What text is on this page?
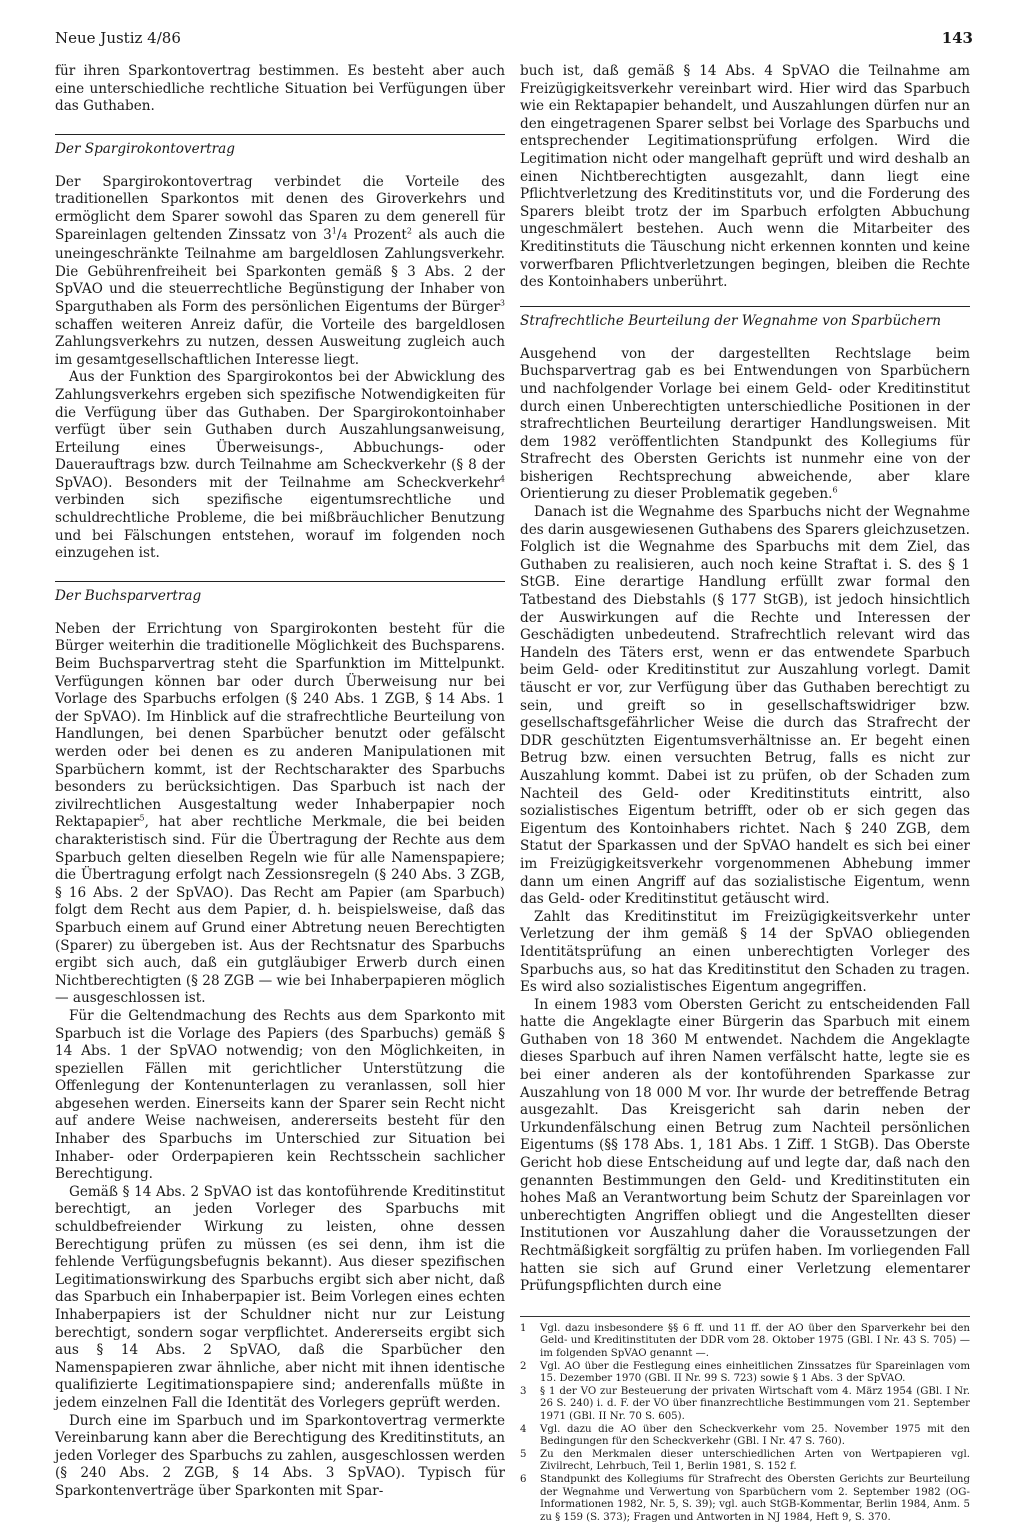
Neue Justiz 4/86	143

für ihren Sparkontovertrag bestimmen. Es besteht aber auch eine unterschiedliche rechtliche Situation bei Verfügungen über das Guthaben.

Der Spargirokontovertrag

Der Spargirokontovertrag verbindet die Vorteile des traditionellen Sparkontos mit denen des Giroverkehrs und ermöglicht dem Sparer sowohl das Sparen zu dem generell für Spareinlagen geltenden Zinssatz von $3^1/4$ Prozent$^2$ als auch die uneingeschränkte Teilnahme am bargeldlosen Zahlungsverkehr. Die Gebührenfreiheit bei Sparkonten gemäß § 3 Abs. 2 der SpVAO und die steuerrechtliche Begünstigung der Inhaber von Sparguthaben als Form des persönlichen Eigentums der Bürger$^3$ schaffen weiteren Anreiz dafür, die Vorteile des bargeldlosen Zahlungsverkehrs zu nutzen, dessen Ausweitung zugleich auch im gesamtgesellschaftlichen Interesse liegt.

Aus der Funktion des Spargirokontos bei der Abwicklung des Zahlungsverkehrs ergeben sich spezifische Notwendigkeiten für die Verfügung über das Guthaben. Der Spargirokontoinhaber verfügt über sein Guthaben durch Auszahlungsanweisung, Erteilung eines Überweisungs-, Abbuchungs- oder Dauerauftrags bzw. durch Teilnahme am Scheckverkehr (§ 8 der SpVAO). Besonders mit der Teilnahme am Scheckverkehr$^4$ verbinden sich spezifische eigentumsrechtliche und schuldrechtliche Probleme, die bei mißbräuchlicher Benutzung und bei Fälschungen entstehen, worauf im folgenden noch einzugehen ist.

Der Buchsparvertrag

Neben der Errichtung von Spargirokonten besteht für die Bürger weiterhin die traditionelle Möglichkeit des Buchsparens. Beim Buchsparvertrag steht die Sparfunktion im Mittelpunkt. Verfügungen können bar oder durch Überweisung nur bei Vorlage des Sparbuchs erfolgen (§ 240 Abs. 1 ZGB, § 14 Abs. 1 der SpVAO). Im Hinblick auf die strafrechtliche Beurteilung von Handlungen, bei denen Sparbücher benutzt oder gefälscht werden oder bei denen es zu anderen Manipulationen mit Sparbüchern kommt, ist der Rechtscharakter des Sparbuchs besonders zu berücksichtigen. Das Sparbuch ist nach der zivilrechtlichen Ausgestaltung weder Inhaberpapier noch Rektapapier$^5$, hat aber rechtliche Merkmale, die bei beiden charakteristisch sind. Für die Übertragung der Rechte aus dem Sparbuch gelten dieselben Regeln wie für alle Namenspapiere; die Übertragung erfolgt nach Zessionsregeln (§ 240 Abs. 3 ZGB, § 16 Abs. 2 der SpVAO). Das Recht am Papier (am Sparbuch) folgt dem Recht aus dem Papier, d. h. beispielsweise, daß das Sparbuch einem auf Grund einer Abtretung neuen Berechtigten (Sparer) zu übergeben ist. Aus der Rechtsnatur des Sparbuchs ergibt sich auch, daß ein gutgläubiger Erwerb durch einen Nichtberechtigten (§ 28 ZGB — wie bei Inhaberpapieren möglich — ausgeschlossen ist.

Für die Geltendmachung des Rechts aus dem Sparkonto mit Sparbuch ist die Vorlage des Papiers (des Sparbuchs) gemäß § 14 Abs. 1 der SpVAO notwendig; von den Möglichkeiten, in speziellen Fällen mit gerichtlicher Unterstützung die Offenlegung der Kontenunterlagen zu veranlassen, soll hier abgesehen werden. Einerseits kann der Sparer sein Recht nicht auf andere Weise nachweisen, andererseits besteht für den Inhaber des Sparbuchs im Unterschied zur Situation bei Inhaber- oder Orderpapieren kein Rechtsschein sachlicher Berechtigung.

Gemäß § 14 Abs. 2 SpVAO ist das kontoführende Kreditinstitut berechtigt, an jeden Vorleger des Sparbuchs mit schuldbefreiender Wirkung zu leisten, ohne dessen Berechtigung prüfen zu müssen (es sei denn, ihm ist die fehlende Verfügungsbefugnis bekannt). Aus dieser spezifischen Legitimationswirkung des Sparbuchs ergibt sich aber nicht, daß das Sparbuch ein Inhaberpapier ist. Beim Vorlegen eines echten Inhaberpapiers ist der Schuldner nicht nur zur Leistung berechtigt, sondern sogar verpflichtet. Andererseits ergibt sich aus § 14 Abs. 2 SpVAO, daß die Sparbücher den Namenspapieren zwar ähnliche, aber nicht mit ihnen identische qualifizierte Legitimationspapiere sind; anderenfalls müßte in jedem einzelnen Fall die Identität des Vorlegers geprüft werden.

Durch eine im Sparbuch und im Sparkontovertrag vermerkte Vereinbarung kann aber die Berechtigung des Kreditinstituts, an jeden Vorleger des Sparbuchs zu zahlen, ausgeschlossen werden (§ 240 Abs. 2 ZGB, § 14 Abs. 3 SpVAO). Typisch für Sparkontenverträge über Sparkonten mit Spar-

buch ist, daß gemäß § 14 Abs. 4 SpVAO die Teilnahme am Freizügigkeitsverkehr vereinbart wird. Hier wird das Sparbuch wie ein Rektapapier behandelt, und Auszahlungen dürfen nur an den eingetragenen Sparer selbst bei Vorlage des Sparbuchs und entsprechender Legitimationsprüfung erfolgen. Wird die Legitimation nicht oder mangelhaft geprüft und wird deshalb an einen Nichtberechtigten ausgezahlt, dann liegt eine Pflichtverletzung des Kreditinstituts vor, und die Forderung des Sparers bleibt trotz der im Sparbuch erfolgten Abbuchung ungeschmälert bestehen. Auch wenn die Mitarbeiter des Kreditinstituts die Täuschung nicht erkennen konnten und keine vorwerfbaren Pflichtverletzungen begingen, bleiben die Rechte des Kontoinhabers unberührt.

Strafrechtliche Beurteilung der Wegnahme von Sparbüchern

Ausgehend von der dargestellten Rechtslage beim Buchsparvertrag gab es bei Entwendungen von Sparbüchern und nachfolgender Vorlage bei einem Geld- oder Kreditinstitut durch einen Unberechtigten unterschiedliche Positionen in der strafrechtlichen Beurteilung derartiger Handlungsweisen. Mit dem 1982 veröffentlichten Standpunkt des Kollegiums für Strafrecht des Obersten Gerichts ist nunmehr eine von der bisherigen Rechtsprechung abweichende, aber klare Orientierung zu dieser Problematik gegeben.$^6$

Danach ist die Wegnahme des Sparbuchs nicht der Wegnahme des darin ausgewiesenen Guthabens des Sparers gleichzusetzen. Folglich ist die Wegnahme des Sparbuchs mit dem Ziel, das Guthaben zu realisieren, auch noch keine Straftat i. S. des § 1 StGB. Eine derartige Handlung erfüllt zwar formal den Tatbestand des Diebstahls (§ 177 StGB), ist jedoch hinsichtlich der Auswirkungen auf die Rechte und Interessen der Geschädigten unbedeutend. Strafrechtlich relevant wird das Handeln des Täters erst, wenn er das entwendete Sparbuch beim Geld- oder Kreditinstitut zur Auszahlung vorlegt. Damit täuscht er vor, zur Verfügung über das Guthaben berechtigt zu sein, und greift so in gesellschaftswidriger bzw. gesellschaftsgefährlicher Weise die durch das Strafrecht der DDR geschützten Eigentumsverhältnisse an. Er begeht einen Betrug bzw. einen versuchten Betrug, falls es nicht zur Auszahlung kommt. Dabei ist zu prüfen, ob der Schaden zum Nachteil des Geld- oder Kreditinstituts eintritt, also sozialistisches Eigentum betrifft, oder ob er sich gegen das Eigentum des Kontoinhabers richtet. Nach § 240 ZGB, dem Statut der Sparkassen und der SpVAO handelt es sich bei einer im Freizügigkeitsverkehr vorgenommenen Abhebung immer dann um einen Angriff auf das sozialistische Eigentum, wenn das Geld- oder Kreditinstitut getäuscht wird.

Zahlt das Kreditinstitut im Freizügigkeitsverkehr unter Verletzung der ihm gemäß § 14 der SpVAO obliegenden Identitätsprüfung an einen unberechtigten Vorleger des Sparbuchs aus, so hat das Kreditinstitut den Schaden zu tragen. Es wird also sozialistisches Eigentum angegriffen.

In einem 1983 vom Obersten Gericht zu entscheidenden Fall hatte die Angeklagte einer Bürgerin das Sparbuch mit einem Guthaben von 18 360 M entwendet. Nachdem die Angeklagte dieses Sparbuch auf ihren Namen verfälscht hatte, legte sie es bei einer anderen als der kontoführenden Sparkasse zur Auszahlung von 18 000 M vor. Ihr wurde der betreffende Betrag ausgezahlt. Das Kreisgericht sah darin neben der Urkundenfälschung einen Betrug zum Nachteil persönlichen Eigentums (§§ 178 Abs. 1, 181 Abs. 1 Ziff. 1 StGB). Das Oberste Gericht hob diese Entscheidung auf und legte dar, daß nach den genannten Bestimmungen den Geld- und Kreditinstituten ein hohes Maß an Verantwortung beim Schutz der Spareinlagen vor unberechtigten Angriffen obliegt und die Angestellten dieser Institutionen vor Auszahlung daher die Voraussetzungen der Rechtmäßigkeit sorgfältig zu prüfen haben. Im vorliegenden Fall hatten sie sich auf Grund einer Verletzung elementarer Prüfungspflichten durch eine

1	Vgl. dazu insbesondere §§ 6 ff. und 11 ff. der AO über den Sparverkehr bei den Geld- und Kreditinstituten der DDR vom 28. Oktober 1975 (GBl. I Nr. 43 S. 705) — im folgenden SpVAO genannt —.
2	Vgl. AO über die Festlegung eines einheitlichen Zinssatzes für Spareinlagen vom 15. Dezember 1970 (GBl. II Nr. 99 S. 723) sowie § 1 Abs. 3 der SpVAO.
3	§ 1 der VO zur Besteuerung der privaten Wirtschaft vom 4. März 1954 (GBl. I Nr. 26 S. 240) i. d. F. der VO über finanzrechtliche Bestimmungen vom 21. September 1971 (GBl. II Nr. 70 S. 605).
4	Vgl. dazu die AO über den Scheckverkehr vom 25. November 1975 mit den Bedingungen für den Scheckverkehr (GBl. I Nr. 47 S. 760).
5	Zu den Merkmalen dieser unterschiedlichen Arten von Wertpapieren vgl. Zivilrecht, Lehrbuch, Teil 1, Berlin 1981, S. 152 f.
6	Standpunkt des Kollegiums für Strafrecht des Obersten Gerichts zur Beurteilung der Wegnahme und Verwertung von Sparbüchern vom 2. September 1982 (OG-Informationen 1982, Nr. 5, S. 39); vgl. auch StGB-Kommentar, Berlin 1984, Anm. 5 zu § 159 (S. 373); Fragen und Antworten in NJ 1984, Heft 9, S. 370.
